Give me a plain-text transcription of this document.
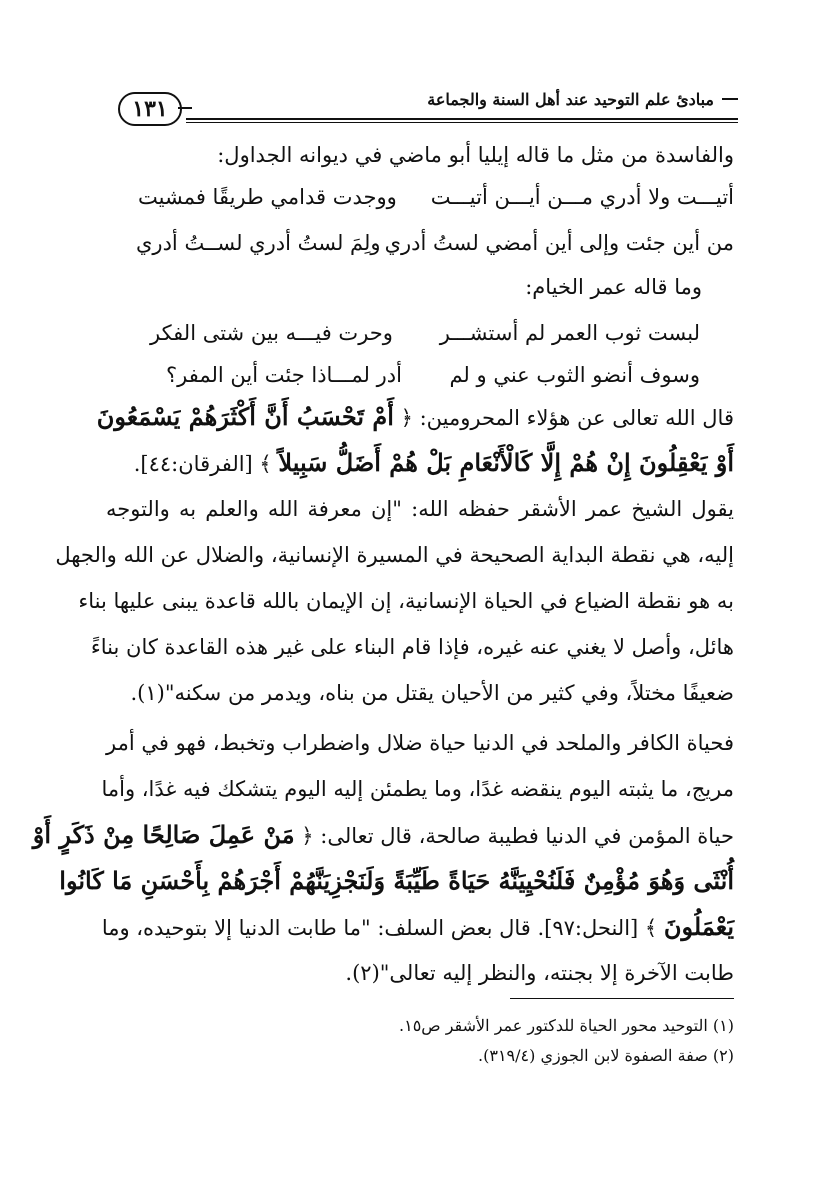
١٣١	مبادئ علم التوحيد عند أهل السنة والجماعة
والفاسدة من مثل ما قاله إيليا أبو ماضي في ديوانه الجداول:
أتيـــت ولا أدري مـــن أيـــن أتيـــت
ووجدت قدامي طريقًا فمشيت
من أين جئت وإلى أين أمضي لستُ أدري
ولِمَ لستُ أدري لســتُ أدري
وما قاله عمر الخيام:
لبست ثوب العمر لم أستشـــر
وحرت فيـــه بين شتى الفكر
وسوف أنضو الثوب عني و لم
أدر لمـــاذا جئت أين المفر؟
قال الله تعالى عن هؤلاء المحرومين: ﴿ أَمْ تَحْسَبُ أَنَّ أَكْثَرَهُمْ يَسْمَعُونَ
أَوْ يَعْقِلُونَ إِنْ هُمْ إِلَّا كَالْأَنْعَامِ بَلْ هُمْ أَضَلُّ سَبِيلاً ﴾ [الفرقان:٤٤].
يقول الشيخ عمر الأشقر حفظه الله: "إن معرفة الله والعلم به والتوجه
إليه، هي نقطة البداية الصحيحة في المسيرة الإنسانية، والضلال عن الله والجهل
به هو نقطة الضياع في الحياة الإنسانية، إن الإيمان بالله قاعدة يبنى عليها بناء
هائل، وأصل لا يغني عنه غيره، فإذا قام البناء على غير هذه القاعدة كان بناءً
ضعيفًا مختلاً، وفي كثير من الأحيان يقتل من بناه، ويدمر من سكنه"(١).
فحياة الكافر والملحد في الدنيا حياة ضلال واضطراب وتخبط، فهو في أمر
مريج، ما يثبته اليوم ينقضه غدًا، وما يطمئن إليه اليوم يتشكك فيه غدًا، وأما
حياة المؤمن في الدنيا فطيبة صالحة، قال تعالى: ﴿ مَنْ عَمِلَ صَالِحًا مِنْ ذَكَرٍ أَوْ
أُنْثَى وَهُوَ مُؤْمِنٌ فَلَنُحْيِيَنَّهُ حَيَاةً طَيِّبَةً وَلَنَجْزِيَنَّهُمْ أَجْرَهُمْ بِأَحْسَنِ مَا كَانُوا
يَعْمَلُونَ ﴾ [النحل:٩٧]. قال بعض السلف: "ما طابت الدنيا إلا بتوحيده، وما
طابت الآخرة إلا بجنته، والنظر إليه تعالى"(٢).
(١) التوحيد محور الحياة للدكتور عمر الأشقر ص١٥.
(٢) صفة الصفوة لابن الجوزي (٣١٩/٤).
